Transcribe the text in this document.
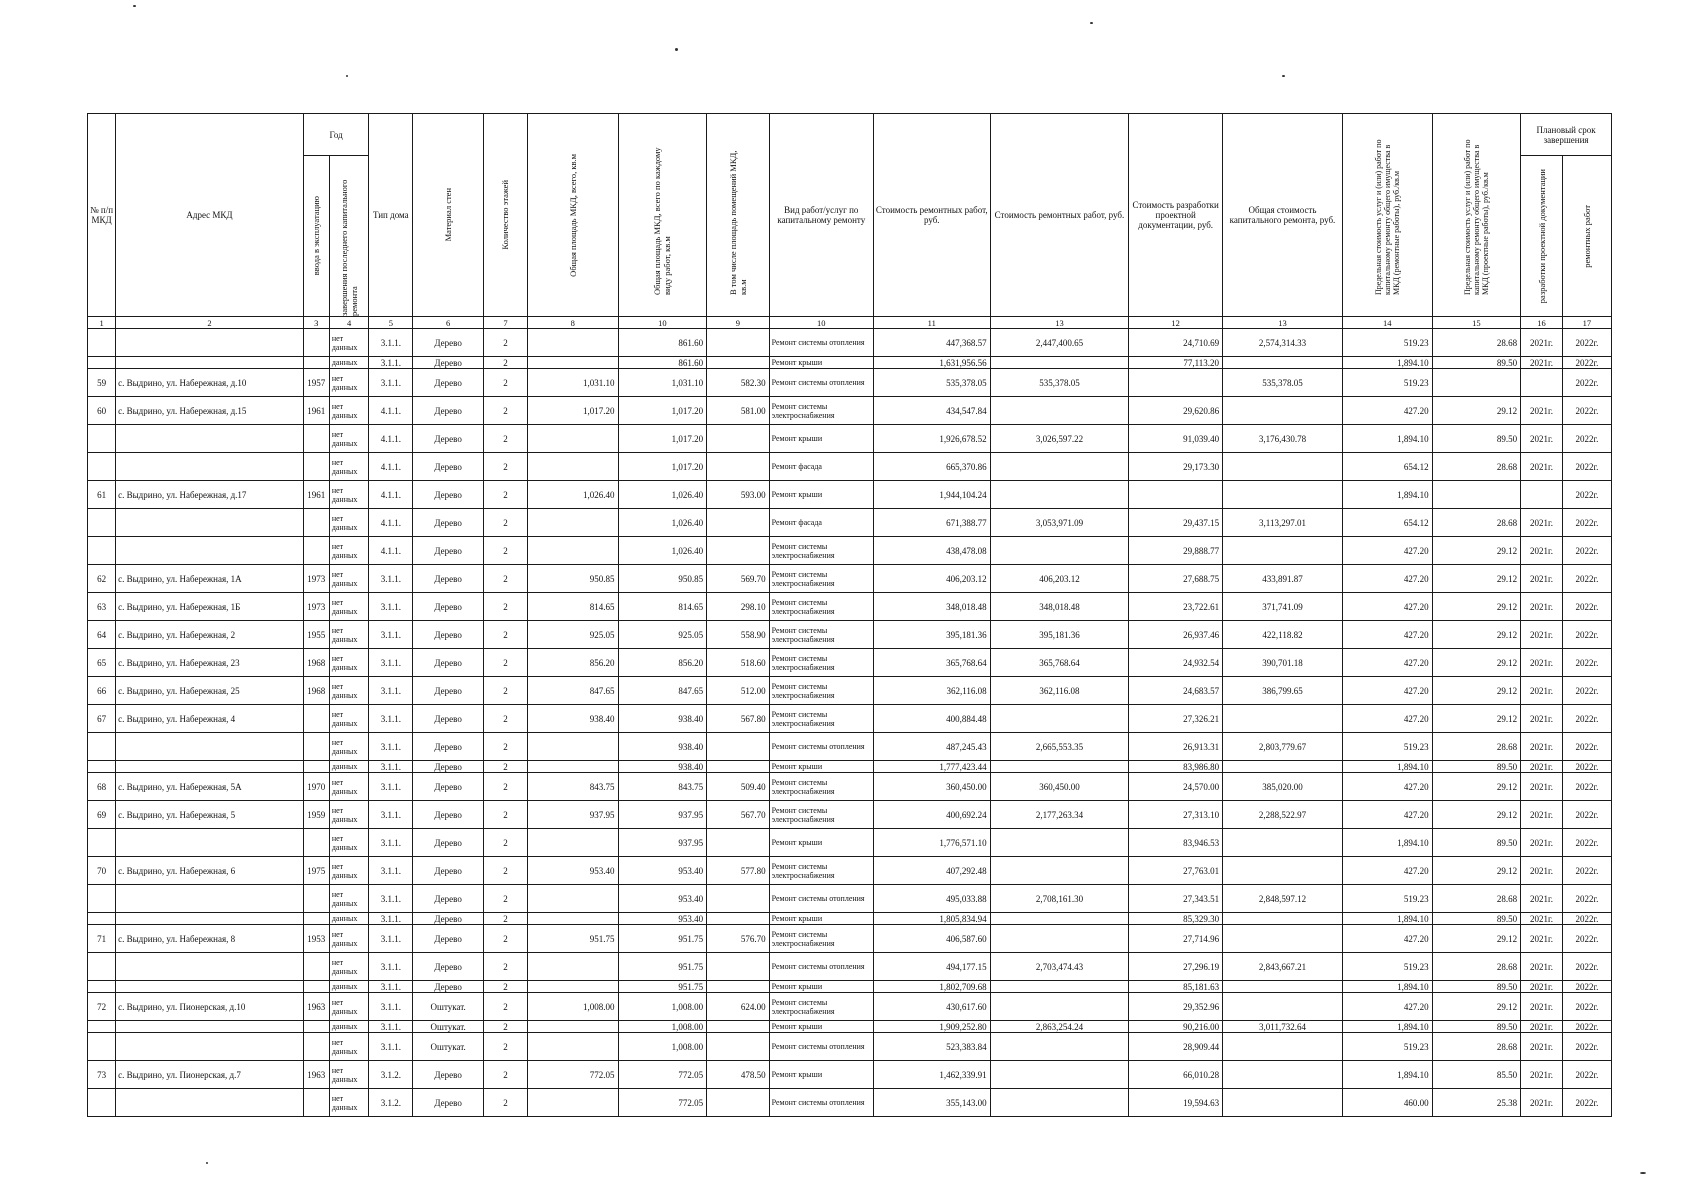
№ п/п МКД	Адрес МКД	Год		Тип дома	Материал стен	Количество этажей	Общая площадь МКД, всего, кв.м	Общая площадь МКД, всего по каждому виду работ, кв.м	В том числе площадь помещений МКД, кв.м	Вид работ/услуг по капитальному ремонту	Стоимость ремонтных работ, руб.	Стоимость ремонтных работ, руб.	Стоимость разработки проектной документации, руб.	Общая стоимость капитального ремонта, руб.	Предельная стоимость услуг и (или) работ по капитальному ремонту общего имущества в МКД (ремонтные работы), руб./кв.м	Предельная стоимость услуг и (или) работ по капитальному ремонту общего имущества в МКД (проектные работы), руб./кв.м	Плановый срок завершения	

		ввода в эксплуатацию	завершения последнего капитального ремонта														разработки проектной документации	ремонтных работ

1	2	3	4	5	6	7	8	10	9	10	11	13	12	13	14	15	16	17
			нет данных	3.1.1.	Дерево	2		861.60		Ремонт системы отопления	447,368.57	2,447,400.65	24,710.69	2,574,314.33	519.23	28.68	2021г.	2022г.
			данных	3.1.1.	Дерево	2		861.60		Ремонт крыши	1,631,956.56		77,113.20		1,894.10	89.50	2021г.	2022г.
59	с. Выдрино, ул. Набережная, д.10	1957	нет данных	3.1.1.	Дерево	2	1,031.10	1,031.10	582.30	Ремонт системы отопления	535,378.05	535,378.05		535,378.05	519.23			2022г.
60	с. Выдрино, ул. Набережная, д.15	1961	нет данных	4.1.1.	Дерево	2	1,017.20	1,017.20	581.00	Ремонт системы электроснабжения	434,547.84		29,620.86		427.20	29.12	2021г.	2022г.
			нет данных	4.1.1.	Дерево	2		1,017.20		Ремонт крыши	1,926,678.52	3,026,597.22	91,039.40	3,176,430.78	1,894.10	89.50	2021г.	2022г.
			нет данных	4.1.1.	Дерево	2		1,017.20		Ремонт фасада	665,370.86		29,173.30		654.12	28.68	2021г.	2022г.
61	с. Выдрино, ул. Набережная, д.17	1961	нет данных	4.1.1.	Дерево	2	1,026.40	1,026.40	593.00	Ремонт крыши	1,944,104.24				1,894.10			2022г.
			нет данных	4.1.1.	Дерево	2		1,026.40		Ремонт фасада	671,388.77	3,053,971.09	29,437.15	3,113,297.01	654.12	28.68	2021г.	2022г.
			нет данных	4.1.1.	Дерево	2		1,026.40		Ремонт системы электроснабжения	438,478.08		29,888.77		427.20	29.12	2021г.	2022г.
62	с. Выдрино, ул. Набережная, 1А	1973	нет данных	3.1.1.	Дерево	2	950.85	950.85	569.70	Ремонт системы электроснабжения	406,203.12	406,203.12	27,688.75	433,891.87	427.20	29.12	2021г.	2022г.
63	с. Выдрино, ул. Набережная, 1Б	1973	нет данных	3.1.1.	Дерево	2	814.65	814.65	298.10	Ремонт системы электроснабжения	348,018.48	348,018.48	23,722.61	371,741.09	427.20	29.12	2021г.	2022г.
64	с. Выдрино, ул. Набережная, 2	1955	нет данных	3.1.1.	Дерево	2	925.05	925.05	558.90	Ремонт системы электроснабжения	395,181.36	395,181.36	26,937.46	422,118.82	427.20	29.12	2021г.	2022г.
65	с. Выдрино, ул. Набережная, 23	1968	нет данных	3.1.1.	Дерево	2	856.20	856.20	518.60	Ремонт системы электроснабжения	365,768.64	365,768.64	24,932.54	390,701.18	427.20	29.12	2021г.	2022г.
66	с. Выдрино, ул. Набережная, 25	1968	нет данных	3.1.1.	Дерево	2	847.65	847.65	512.00	Ремонт системы электроснабжения	362,116.08	362,116.08	24,683.57	386,799.65	427.20	29.12	2021г.	2022г.
67	с. Выдрино, ул. Набережная, 4		нет данных	3.1.1.	Дерево	2	938.40	938.40	567.80	Ремонт системы электроснабжения	400,884.48		27,326.21		427.20	29.12	2021г.	2022г.
			нет данных	3.1.1.	Дерево	2		938.40		Ремонт системы отопления	487,245.43	2,665,553.35	26,913.31	2,803,779.67	519.23	28.68	2021г.	2022г.
			данных	3.1.1.	Дерево	2		938.40		Ремонт крыши	1,777,423.44		83,986.80		1,894.10	89.50	2021г.	2022г.
68	с. Выдрино, ул. Набережная, 5А	1970	нет данных	3.1.1.	Дерево	2	843.75	843.75	509.40	Ремонт системы электроснабжения	360,450.00	360,450.00	24,570.00	385,020.00	427.20	29.12	2021г.	2022г.
69	с. Выдрино, ул. Набережная, 5	1959	нет данных	3.1.1.	Дерево	2	937.95	937.95	567.70	Ремонт системы электроснабжения	400,692.24	2,177,263.34	27,313.10	2,288,522.97	427.20	29.12	2021г.	2022г.
			нет данных	3.1.1.	Дерево	2		937.95		Ремонт крыши	1,776,571.10		83,946.53		1,894.10	89.50	2021г.	2022г.
70	с. Выдрино, ул. Набережная, 6	1975	нет данных	3.1.1.	Дерево	2	953.40	953.40	577.80	Ремонт системы электроснабжения	407,292.48		27,763.01		427.20	29.12	2021г.	2022г.
			нет данных	3.1.1.	Дерево	2		953.40		Ремонт системы отопления	495,033.88	2,708,161.30	27,343.51	2,848,597.12	519.23	28.68	2021г.	2022г.
			данных	3.1.1.	Дерево	2		953.40		Ремонт крыши	1,805,834.94		85,329.30		1,894.10	89.50	2021г.	2022г.
71	с. Выдрино, ул. Набережная, 8	1953	нет данных	3.1.1.	Дерево	2	951.75	951.75	576.70	Ремонт системы электроснабжения	406,587.60		27,714.96		427.20	29.12	2021г.	2022г.
			нет данных	3.1.1.	Дерево	2		951.75		Ремонт системы отопления	494,177.15	2,703,474.43	27,296.19	2,843,667.21	519.23	28.68	2021г.	2022г.
			данных	3.1.1.	Дерево	2		951.75		Ремонт крыши	1,802,709.68		85,181.63		1,894.10	89.50	2021г.	2022г.
72	с. Выдрино, ул. Пионерская, д.10	1963	нет данных	3.1.1.	Оштукат.	2	1,008.00	1,008.00	624.00	Ремонт системы электроснабжения	430,617.60		29,352.96		427.20	29.12	2021г.	2022г.
			данных	3.1.1.	Оштукат.	2		1,008.00		Ремонт крыши	1,909,252.80	2,863,254.24	90,216.00	3,011,732.64	1,894.10	89.50	2021г.	2022г.
			нет данных	3.1.1.	Оштукат.	2		1,008.00		Ремонт системы отопления	523,383.84		28,909.44		519.23	28.68	2021г.	2022г.
73	с. Выдрино, ул. Пионерская, д.7	1963	нет данных	3.1.2.	Дерево	2	772.05	772.05	478.50	Ремонт крыши	1,462,339.91		66,010.28		1,894.10	85.50	2021г.	2022г.
			нет данных	3.1.2.	Дерево	2		772.05		Ремонт системы отопления	355,143.00		19,594.63		460.00	25.38	2021г.	2022г.
